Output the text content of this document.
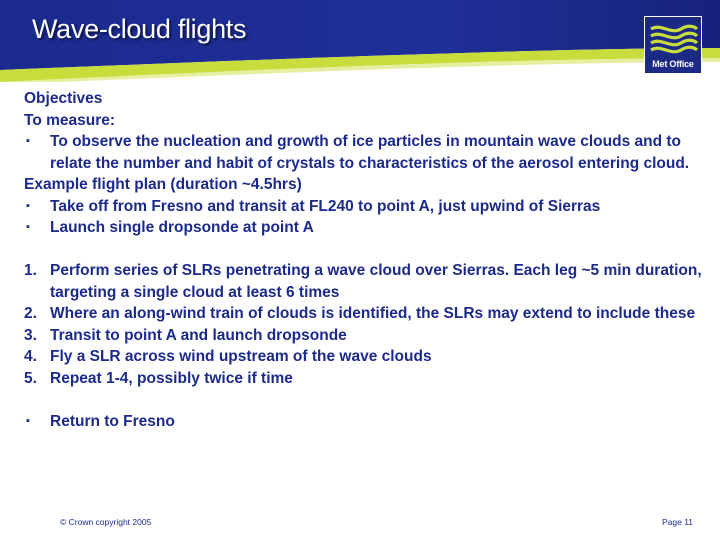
Wave-cloud flights
Met Office
Objectives
To measure:
▪ To observe the nucleation and growth of ice particles in mountain wave clouds and to relate the number and habit of crystals to characteristics of the aerosol entering cloud.
Example flight plan (duration ~4.5hrs)
▪ Take off from Fresno and transit at FL240 to point A, just upwind of Sierras
▪ Launch single dropsonde at point A
1. Perform series of SLRs penetrating a wave cloud over Sierras. Each leg ~5 min duration, targeting a single cloud at least 6 times
2. Where an along-wind train of clouds is identified, the SLRs may extend to include these
3. Transit to point A and launch dropsonde
4. Fly a SLR across wind upstream of the wave clouds
5. Repeat 1-4, possibly twice if time
▪ Return to Fresno
© Crown copyright 2005	Page 11
